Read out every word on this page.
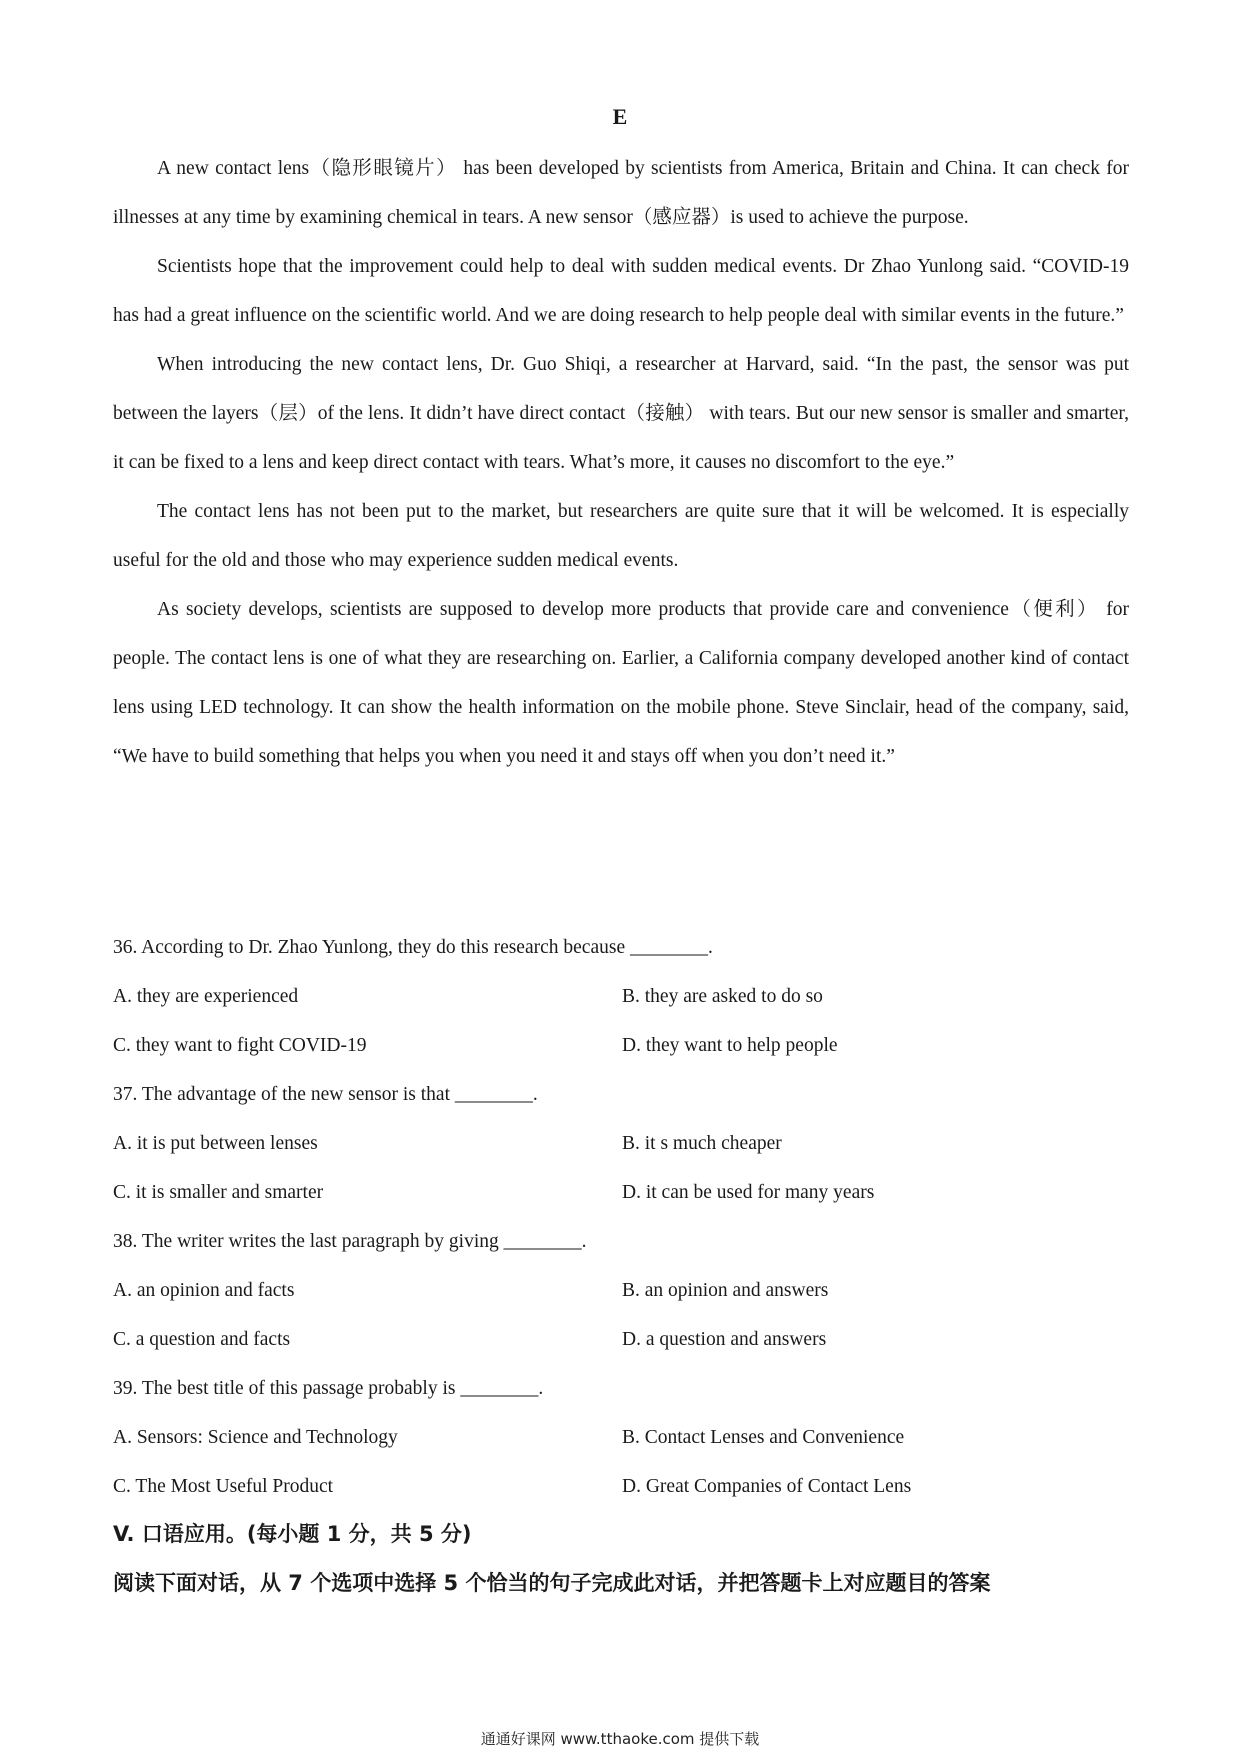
E

A new contact lens（隐形眼镜片） has been developed by scientists from America, Britain and China. It can check for illnesses at any time by examining chemical in tears. A new sensor（感应器）is used to achieve the purpose.

Scientists hope that the improvement could help to deal with sudden medical events. Dr Zhao Yunlong said. “COVID-19 has had a great influence on the scientific world. And we are doing research to help people deal with similar events in the future.”

When introducing the new contact lens, Dr. Guo Shiqi, a researcher at Harvard, said. “In the past, the sensor was put between the layers（层）of the lens. It didn’t have direct contact（接触） with tears. But our new sensor is smaller and smarter, it can be fixed to a lens and keep direct contact with tears. What’s more, it causes no discomfort to the eye.”

The contact lens has not been put to the market, but researchers are quite sure that it will be welcomed. It is especially useful for the old and those who may experience sudden medical events.

As society develops, scientists are supposed to develop more products that provide care and convenience（便利） for people. The contact lens is one of what they are researching on. Earlier, a California company developed another kind of contact lens using LED technology. It can show the health information on the mobile phone. Steve Sinclair, head of the company, said, “We have to build something that helps you when you need it and stays off when you don’t need it.”

36. According to Dr. Zhao Yunlong, they do this research because ________.
A. they are experienced	B. they are asked to do so
C. they want to fight COVID-19	D. they want to help people
37. The advantage of the new sensor is that ________.
A. it is put between lenses	B. it s much cheaper
C. it is smaller and smarter	D. it can be used for many years
38. The writer writes the last paragraph by giving ________.
A. an opinion and facts	B. an opinion and answers
C. a question and facts	D. a question and answers
39. The best title of this passage probably is ________.
A. Sensors: Science and Technology	B. Contact Lenses and Convenience
C. The Most Useful Product	D. Great Companies of Contact Lens
V. 口语应用。(每小题 1 分，共 5 分)
阅读下面对话，从 7 个选项中选择 5 个恰当的句子完成此对话，并把答题卡上对应题目的答案
通通好课网 www.tthaoke.com 提供下载
